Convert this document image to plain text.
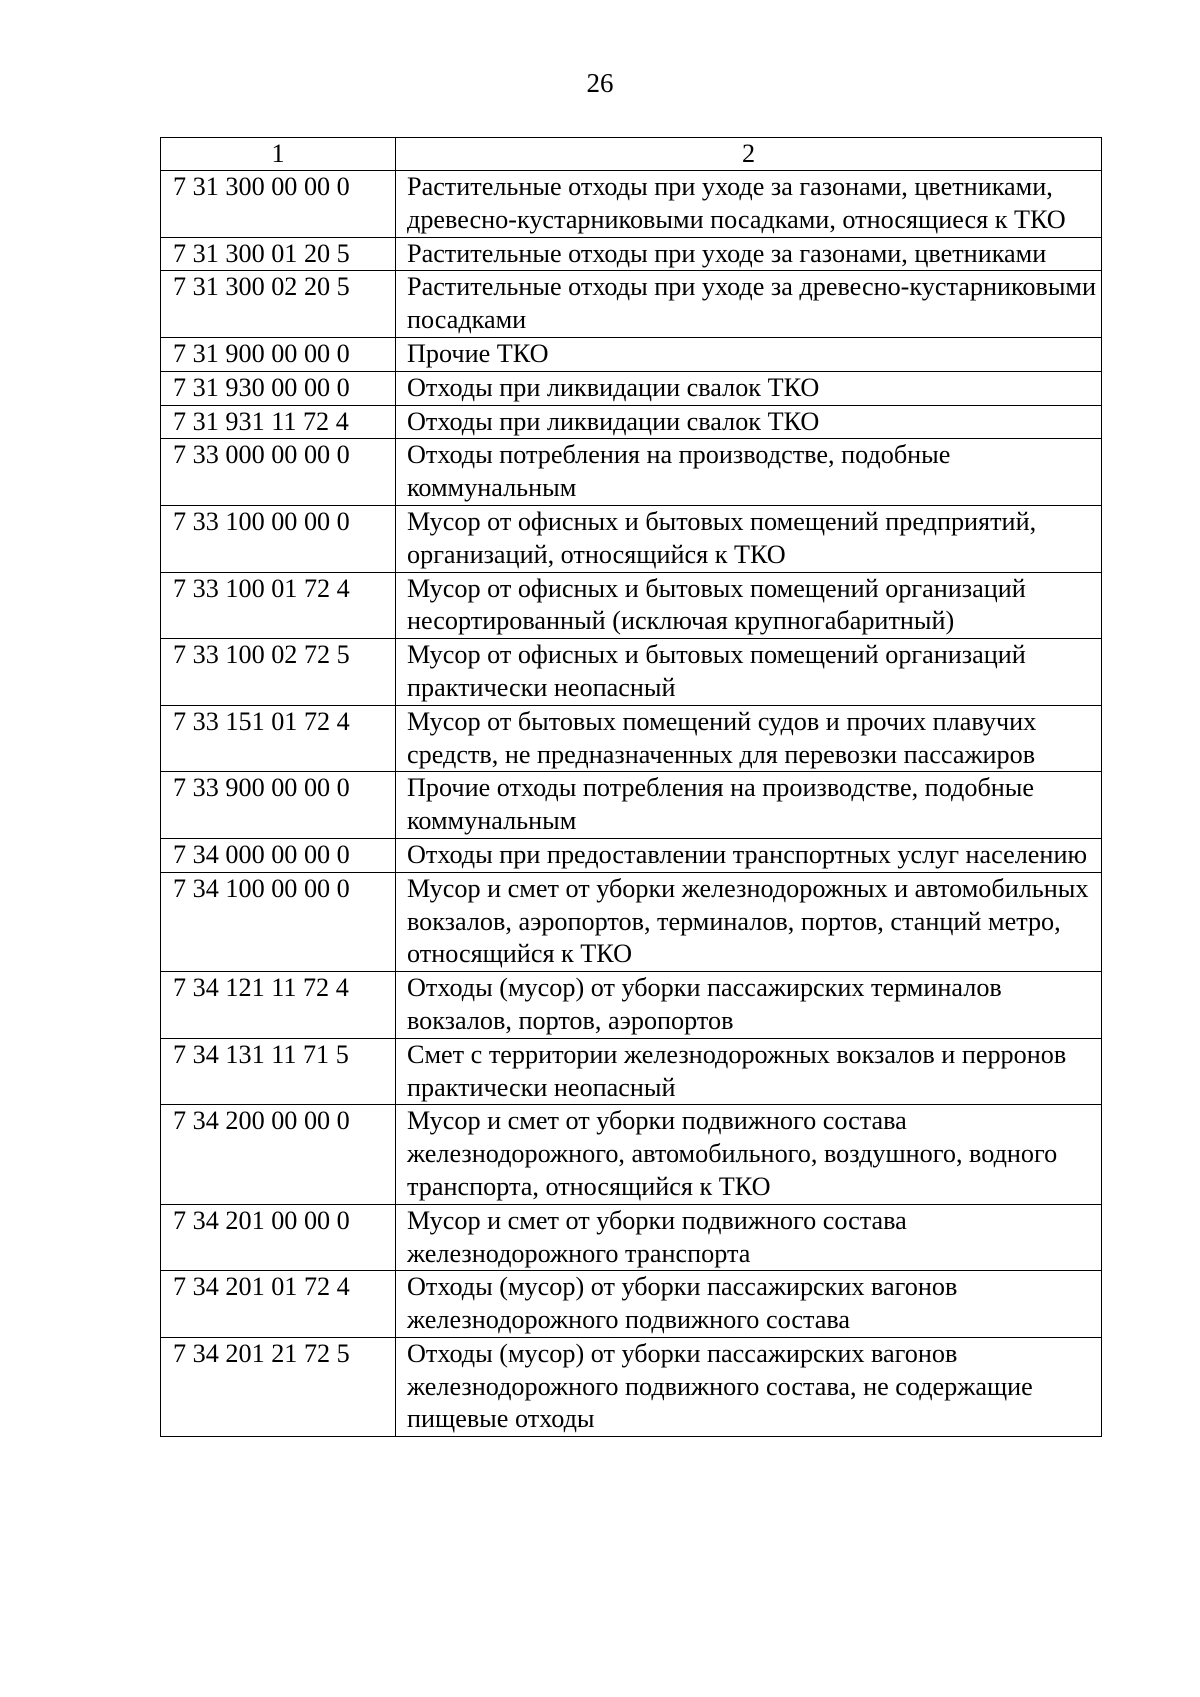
26
1	2
7 31 300 00 00 0	Растительные отходы при уходе за газонами, цветниками, древесно-кустарниковыми посадками, относящиеся к ТКО
7 31 300 01 20 5	Растительные отходы при уходе за газонами, цветниками
7 31 300 02 20 5	Растительные отходы при уходе за древесно-кустарниковыми посадками
7 31 900 00 00 0	Прочие ТКО
7 31 930 00 00 0	Отходы при ликвидации свалок ТКО
7 31 931 11 72 4	Отходы при ликвидации свалок ТКО
7 33 000 00 00 0	Отходы потребления на производстве, подобные коммунальным
7 33 100 00 00 0	Мусор от офисных и бытовых помещений предприятий, организаций, относящийся к ТКО
7 33 100 01 72 4	Мусор от офисных и бытовых помещений организаций несортированный (исключая крупногабаритный)
7 33 100 02 72 5	Мусор от офисных и бытовых помещений организаций практически неопасный
7 33 151 01 72 4	Мусор от бытовых помещений судов и прочих плавучих средств, не предназначенных для перевозки пассажиров
7 33 900 00 00 0	Прочие отходы потребления на производстве, подобные коммунальным
7 34 000 00 00 0	Отходы при предоставлении транспортных услуг населению
7 34 100 00 00 0	Мусор и смет от уборки железнодорожных и автомобильных вокзалов, аэропортов, терминалов, портов, станций метро, относящийся к ТКО
7 34 121 11 72 4	Отходы (мусор) от уборки пассажирских терминалов вокзалов, портов, аэропортов
7 34 131 11 71 5	Смет с территории железнодорожных вокзалов и перронов практически неопасный
7 34 200 00 00 0	Мусор и смет от уборки подвижного состава железнодорожного, автомобильного, воздушного, водного транспорта, относящийся к ТКО
7 34 201 00 00 0	Мусор и смет от уборки подвижного состава железнодорожного транспорта
7 34 201 01 72 4	Отходы (мусор) от уборки пассажирских вагонов железнодорожного подвижного состава
7 34 201 21 72 5	Отходы (мусор) от уборки пассажирских вагонов железнодорожного подвижного состава, не содержащие пищевые отходы
